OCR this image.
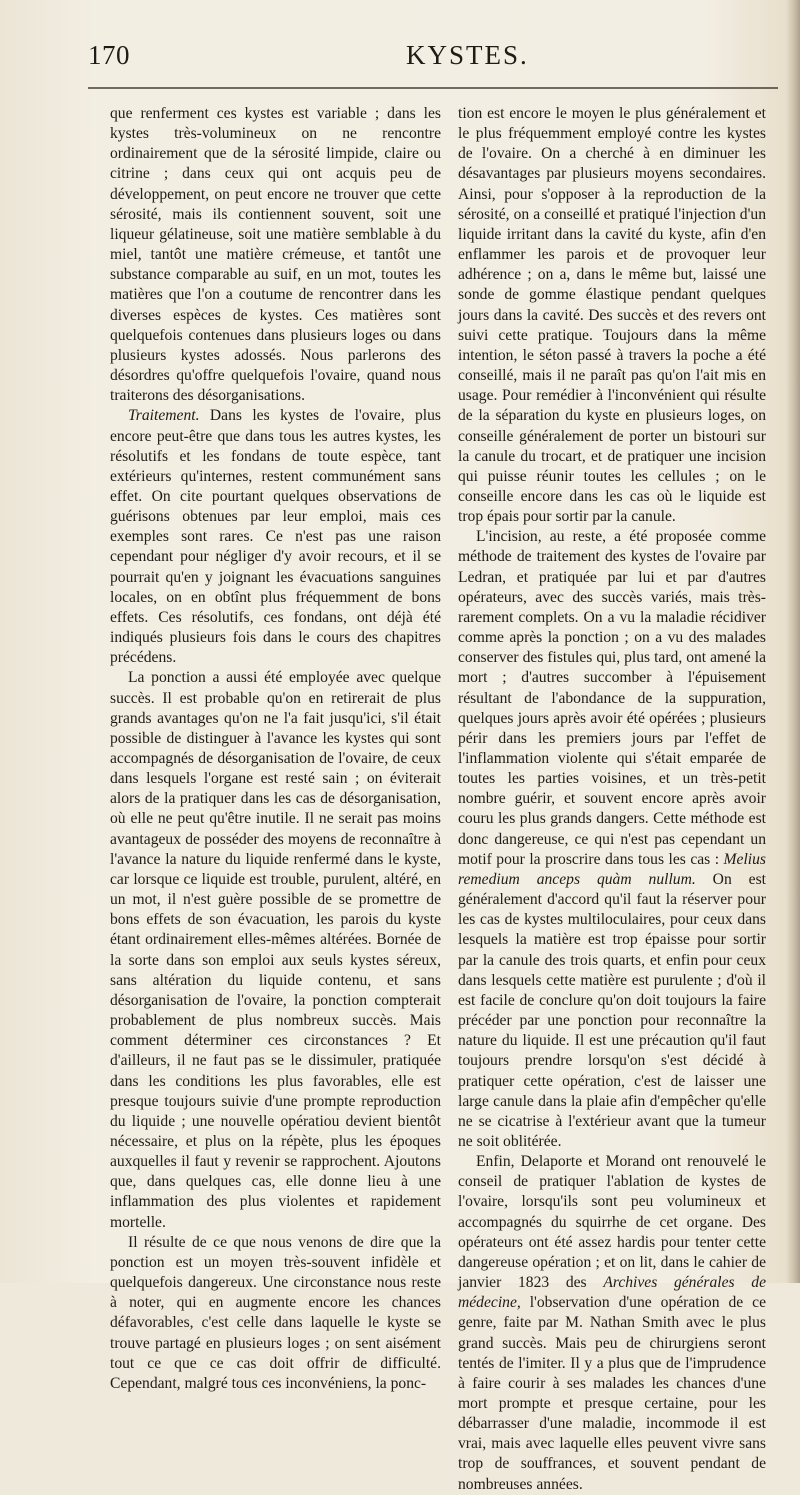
170	KYSTES.

que renferment ces kystes est variable ; dans les kystes très-volumineux on ne rencontre ordinairement que de la sérosité limpide, claire ou citrine ; dans ceux qui ont acquis peu de développement, on peut encore ne trouver que cette sérosité, mais ils contiennent souvent, soit une liqueur gélatineuse, soit une matière semblable à du miel, tantôt une matière crémeuse, et tantôt une substance comparable au suif, en un mot, toutes les matières que l'on a coutume de rencontrer dans les diverses espèces de kystes. Ces matières sont quelquefois contenues dans plusieurs loges ou dans plusieurs kystes adossés. Nous parlerons des désordres qu'offre quelquefois l'ovaire, quand nous traiterons des désorganisations.

Traitement. Dans les kystes de l'ovaire, plus encore peut-être que dans tous les autres kystes, les résolutifs et les fondans de toute espèce, tant extérieurs qu'internes, restent communément sans effet. On cite pourtant quelques observations de guérisons obtenues par leur emploi, mais ces exemples sont rares. Ce n'est pas une raison cependant pour négliger d'y avoir recours, et il se pourrait qu'en y joignant les évacuations sanguines locales, on en obtînt plus fréquemment de bons effets. Ces résolutifs, ces fondans, ont déjà été indiqués plusieurs fois dans le cours des chapitres précédens.

La ponction a aussi été employée avec quelque succès. Il est probable qu'on en retirerait de plus grands avantages qu'on ne l'a fait jusqu'ici, s'il était possible de distinguer à l'avance les kystes qui sont accompagnés de désorganisation de l'ovaire, de ceux dans lesquels l'organe est resté sain ; on éviterait alors de la pratiquer dans les cas de désorganisation, où elle ne peut qu'être inutile. Il ne serait pas moins avantageux de posséder des moyens de reconnaître à l'avance la nature du liquide renfermé dans le kyste, car lorsque ce liquide est trouble, purulent, altéré, en un mot, il n'est guère possible de se promettre de bons effets de son évacuation, les parois du kyste étant ordinairement elles-mêmes altérées. Bornée de la sorte dans son emploi aux seuls kystes séreux, sans altération du liquide contenu, et sans désorganisation de l'ovaire, la ponction compterait probablement de plus nombreux succès. Mais comment déterminer ces circonstances ? Et d'ailleurs, il ne faut pas se le dissimuler, pratiquée dans les conditions les plus favorables, elle est presque toujours suivie d'une prompte reproduction du liquide ; une nouvelle opératiou devient bientôt nécessaire, et plus on la répète, plus les époques auxquelles il faut y revenir se rapprochent. Ajoutons que, dans quelques cas, elle donne lieu à une inflammation des plus violentes et rapidement mortelle.

Il résulte de ce que nous venons de dire que la ponction est un moyen très-souvent infidèle et quelquefois dangereux. Une circonstance nous reste à noter, qui en augmente encore les chances défavorables, c'est celle dans laquelle le kyste se trouve partagé en plusieurs loges ; on sent aisément tout ce que ce cas doit offrir de difficulté. Cependant, malgré tous ces inconvéniens, la ponc-

tion est encore le moyen le plus généralement et le plus fréquemment employé contre les kystes de l'ovaire. On a cherché à en diminuer les désavantages par plusieurs moyens secondaires. Ainsi, pour s'opposer à la reproduction de la sérosité, on a conseillé et pratiqué l'injection d'un liquide irritant dans la cavité du kyste, afin d'en enflammer les parois et de provoquer leur adhérence ; on a, dans le même but, laissé une sonde de gomme élastique pendant quelques jours dans la cavité. Des succès et des revers ont suivi cette pratique. Toujours dans la même intention, le séton passé à travers la poche a été conseillé, mais il ne paraît pas qu'on l'ait mis en usage. Pour remédier à l'inconvénient qui résulte de la séparation du kyste en plusieurs loges, on conseille généralement de porter un bistouri sur la canule du trocart, et de pratiquer une incision qui puisse réunir toutes les cellules ; on le conseille encore dans les cas où le liquide est trop épais pour sortir par la canule.

L'incision, au reste, a été proposée comme méthode de traitement des kystes de l'ovaire par Ledran, et pratiquée par lui et par d'autres opérateurs, avec des succès variés, mais très-rarement complets. On a vu la maladie récidiver comme après la ponction ; on a vu des malades conserver des fistules qui, plus tard, ont amené la mort ; d'autres succomber à l'épuisement résultant de l'abondance de la suppuration, quelques jours après avoir été opérées ; plusieurs périr dans les premiers jours par l'effet de l'inflammation violente qui s'était emparée de toutes les parties voisines, et un très-petit nombre guérir, et souvent encore après avoir couru les plus grands dangers. Cette méthode est donc dangereuse, ce qui n'est pas cependant un motif pour la proscrire dans tous les cas : Melius remedium anceps quàm nullum. On est généralement d'accord qu'il faut la réserver pour les cas de kystes multiloculaires, pour ceux dans lesquels la matière est trop épaisse pour sortir par la canule des trois quarts, et enfin pour ceux dans lesquels cette matière est purulente ; d'où il est facile de conclure qu'on doit toujours la faire précéder par une ponction pour reconnaître la nature du liquide. Il est une précaution qu'il faut toujours prendre lorsqu'on s'est décidé à pratiquer cette opération, c'est de laisser une large canule dans la plaie afin d'empêcher qu'elle ne se cicatrise à l'extérieur avant que la tumeur ne soit oblitérée.

Enfin, Delaporte et Morand ont renouvelé le conseil de pratiquer l'ablation de kystes de l'ovaire, lorsqu'ils sont peu volumineux et accompagnés du squirrhe de cet organe. Des opérateurs ont été assez hardis pour tenter cette dangereuse opération ; et on lit, dans le cahier de janvier 1823 des Archives générales de médecine, l'observation d'une opération de ce genre, faite par M. Nathan Smith avec le plus grand succès. Mais peu de chirurgiens seront tentés de l'imiter. Il y a plus que de l'imprudence à faire courir à ses malades les chances d'une mort prompte et presque certaine, pour les débarrasser d'une maladie, incommode il est vrai, mais avec laquelle elles peuvent vivre sans trop de souffrances, et souvent pendant de nombreuses années.
